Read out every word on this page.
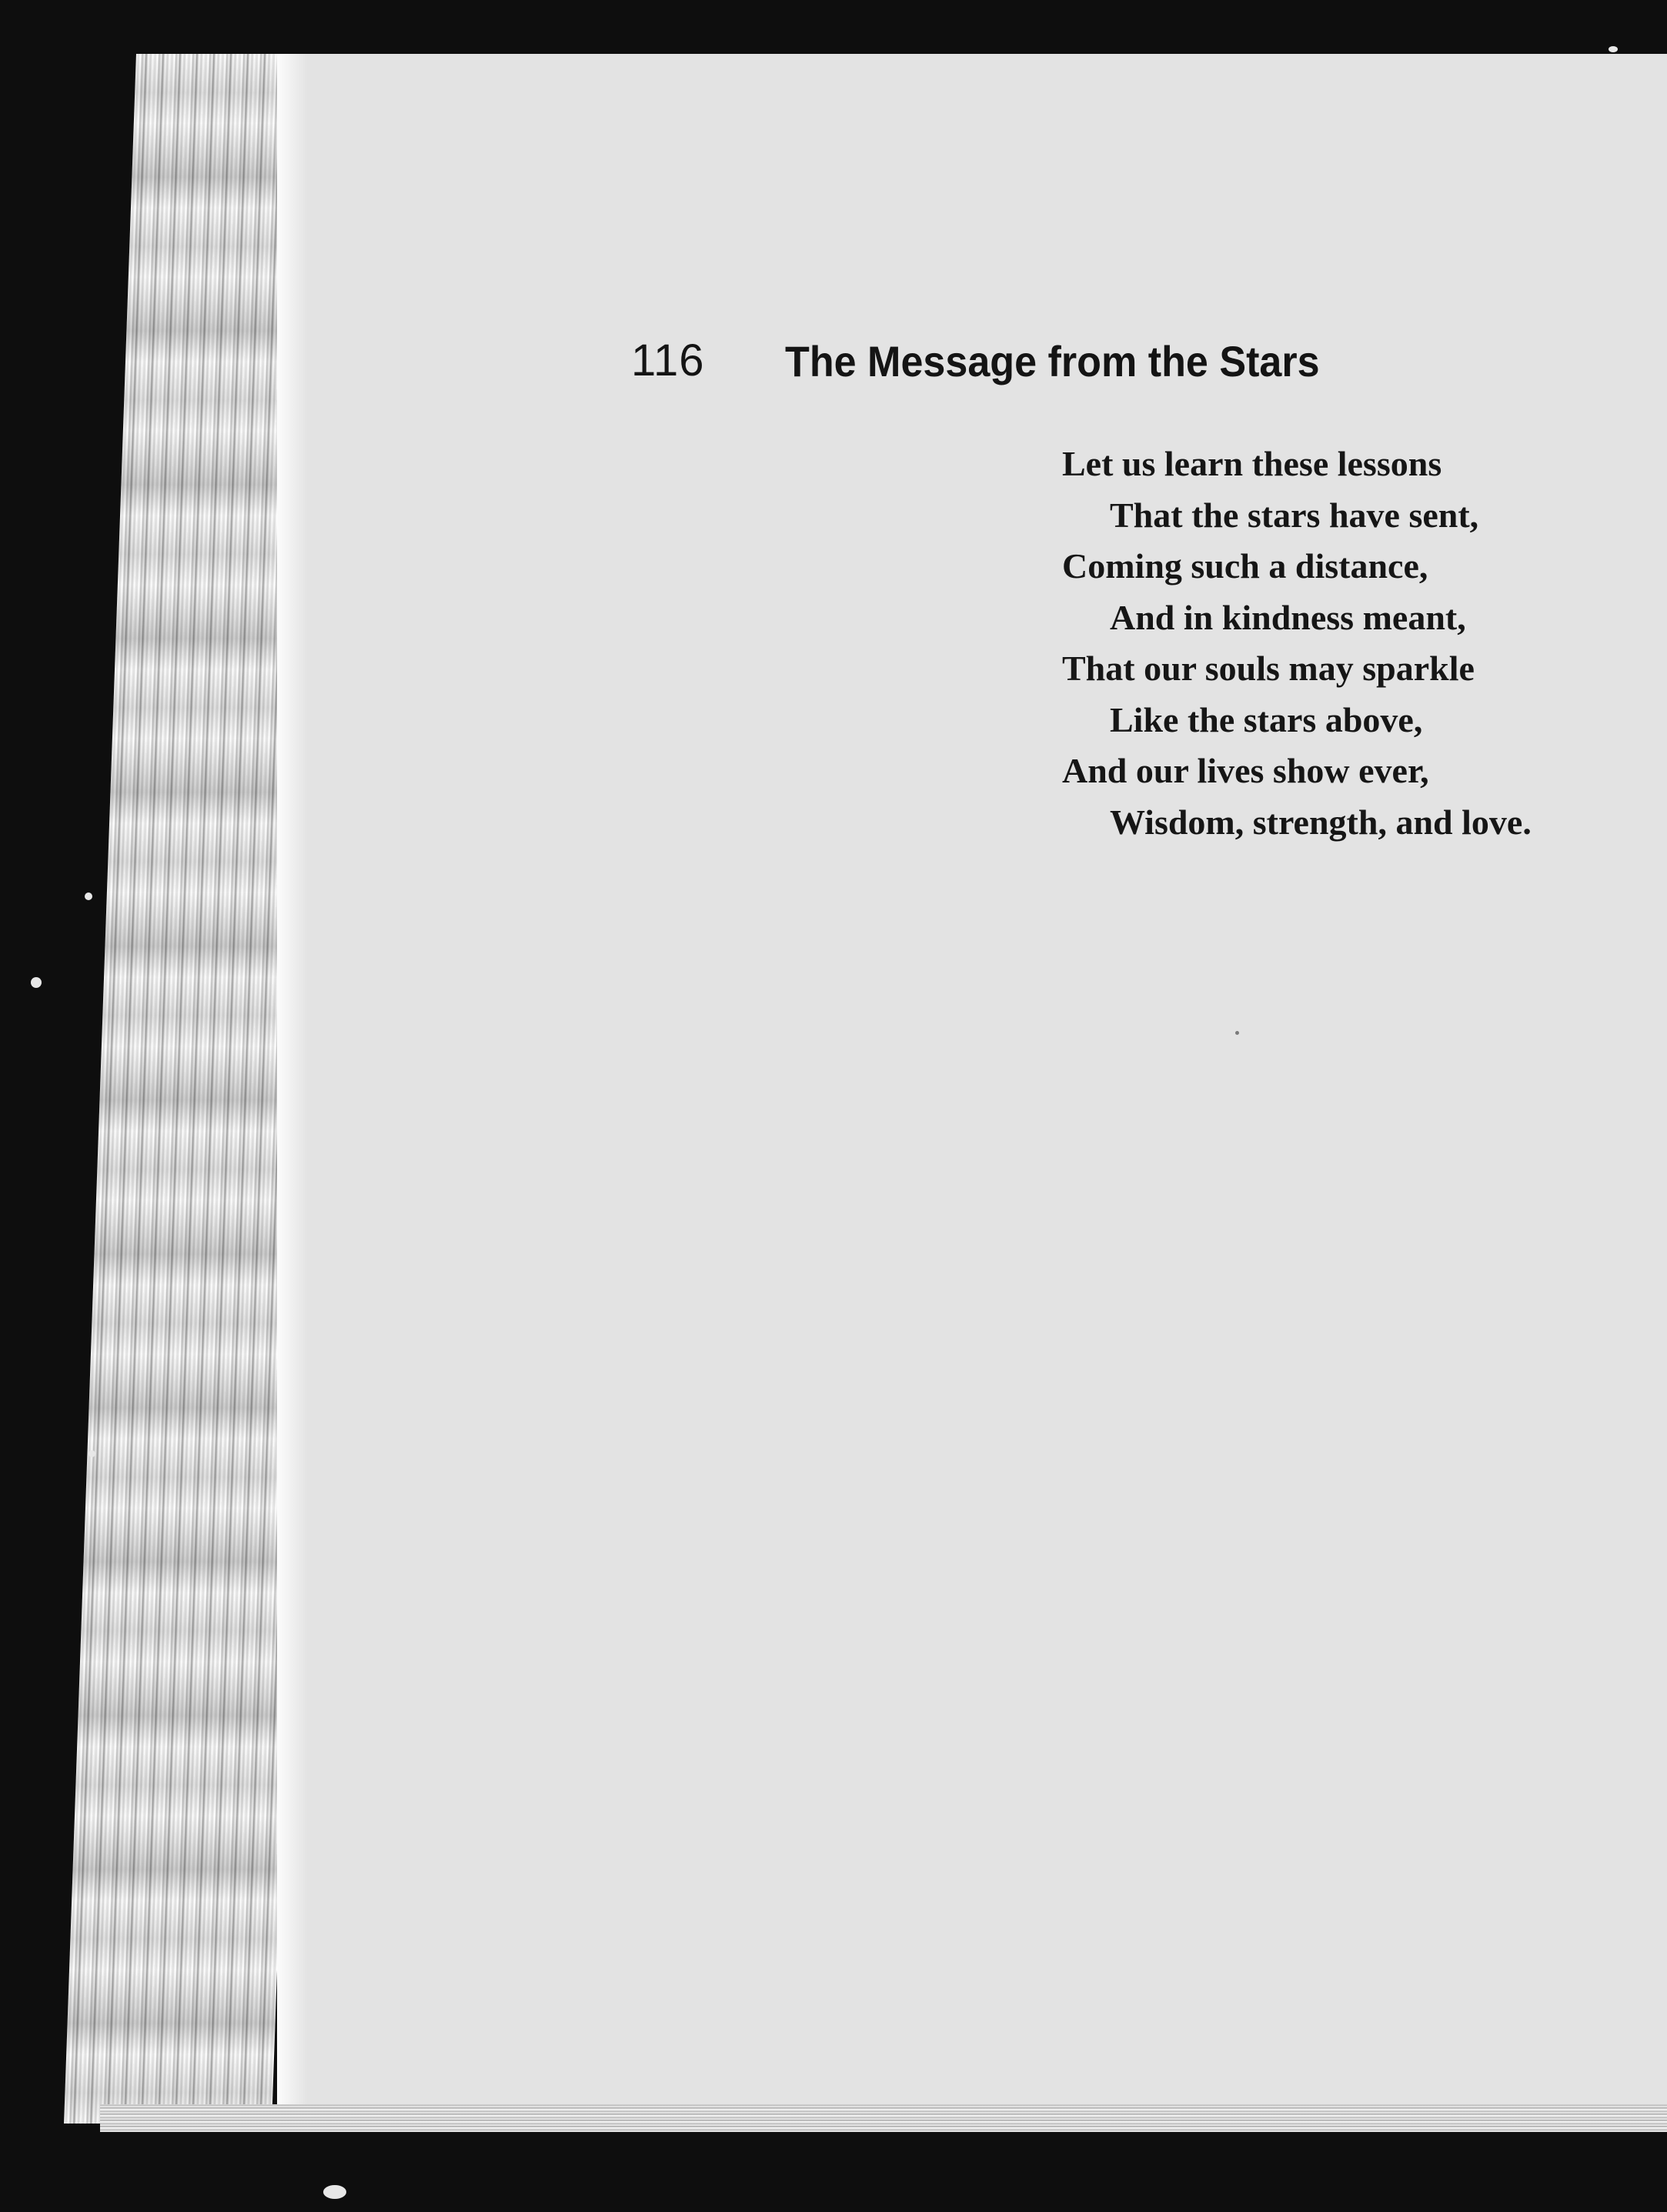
116 The Message from the Stars
Let us learn these lessons
That the stars have sent,
Coming such a distance,
And in kindness meant,
That our souls may sparkle
Like the stars above,
And our lives show ever,
Wisdom, strength, and love.
